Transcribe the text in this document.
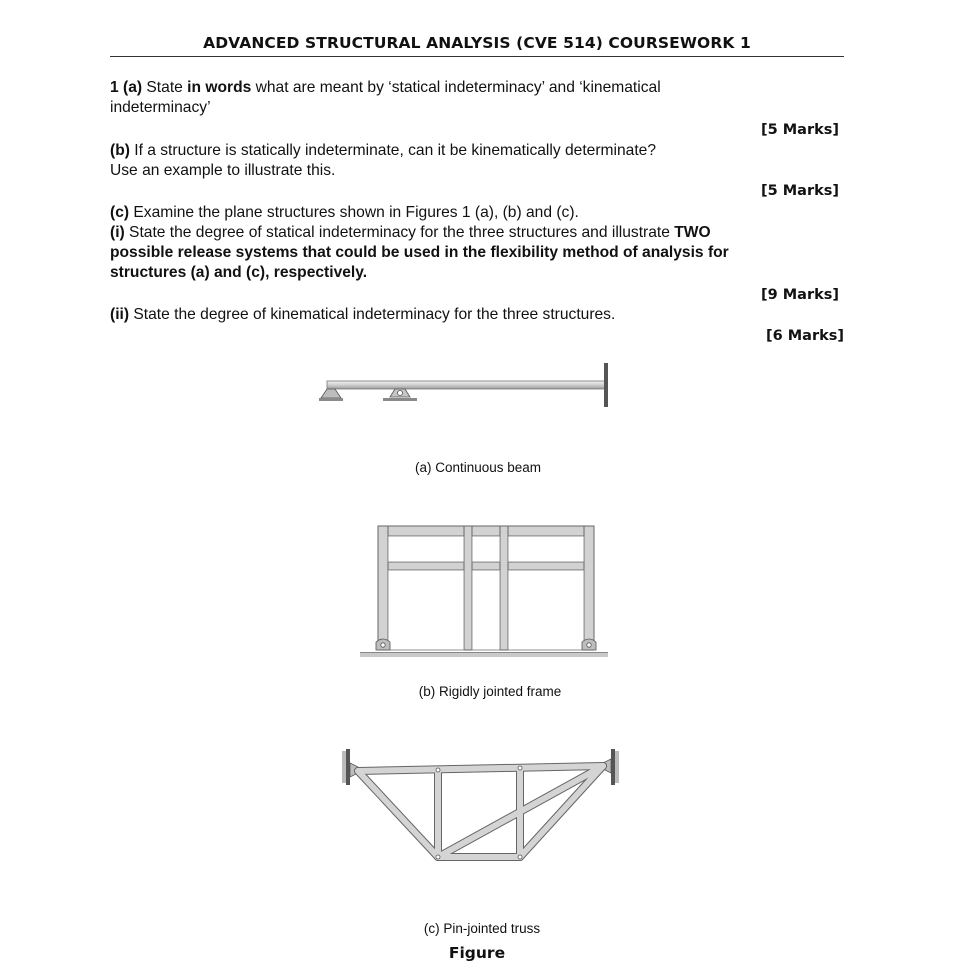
ADVANCED STRUCTURAL ANALYSIS (CVE 514) COURSEWORK 1
1 (a) State in words what are meant by ‘statical indeterminacy’ and ‘kinematical
indeterminacy’
[5 Marks]
(b) If a structure is statically indeterminate, can it be kinematically determinate?
Use an example to illustrate this.
[5 Marks]
(c) Examine the plane structures shown in Figures 1 (a), (b) and (c).
(i) State the degree of statical indeterminacy for the three structures and illustrate TWO
possible release systems that could be used in the flexibility method of analysis for
structures (a) and (c), respectively.
[9 Marks]
(ii) State the degree of kinematical indeterminacy for the three structures.
[6 Marks]
(a) Continuous beam
(b) Rigidly jointed frame
(c) Pin-jointed truss
Figure
